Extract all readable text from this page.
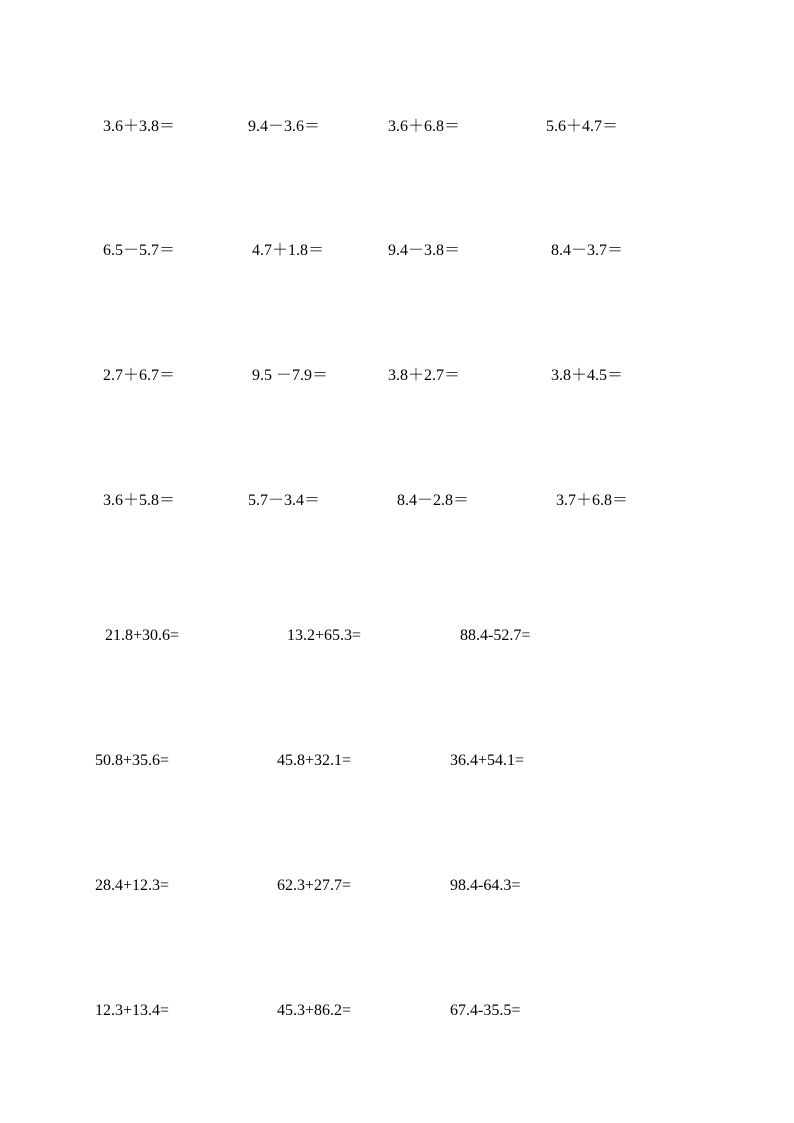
3.6＋3.8＝	9.4－3.6＝	3.6＋6.8＝	5.6＋4.7＝
6.5－5.7＝	4.7＋1.8＝	9.4－3.8＝	8.4－3.7＝
2.7＋6.7＝	9.5 －7.9＝	3.8＋2.7＝	3.8＋4.5＝
3.6＋5.8＝	5.7－3.4＝	8.4－2.8＝	3.7＋6.8＝
21.8+30.6=	13.2+65.3=	88.4-52.7=
50.8+35.6=	45.8+32.1=	36.4+54.1=
28.4+12.3=	62.3+27.7=	98.4-64.3=
12.3+13.4=	45.3+86.2=	67.4-35.5=
